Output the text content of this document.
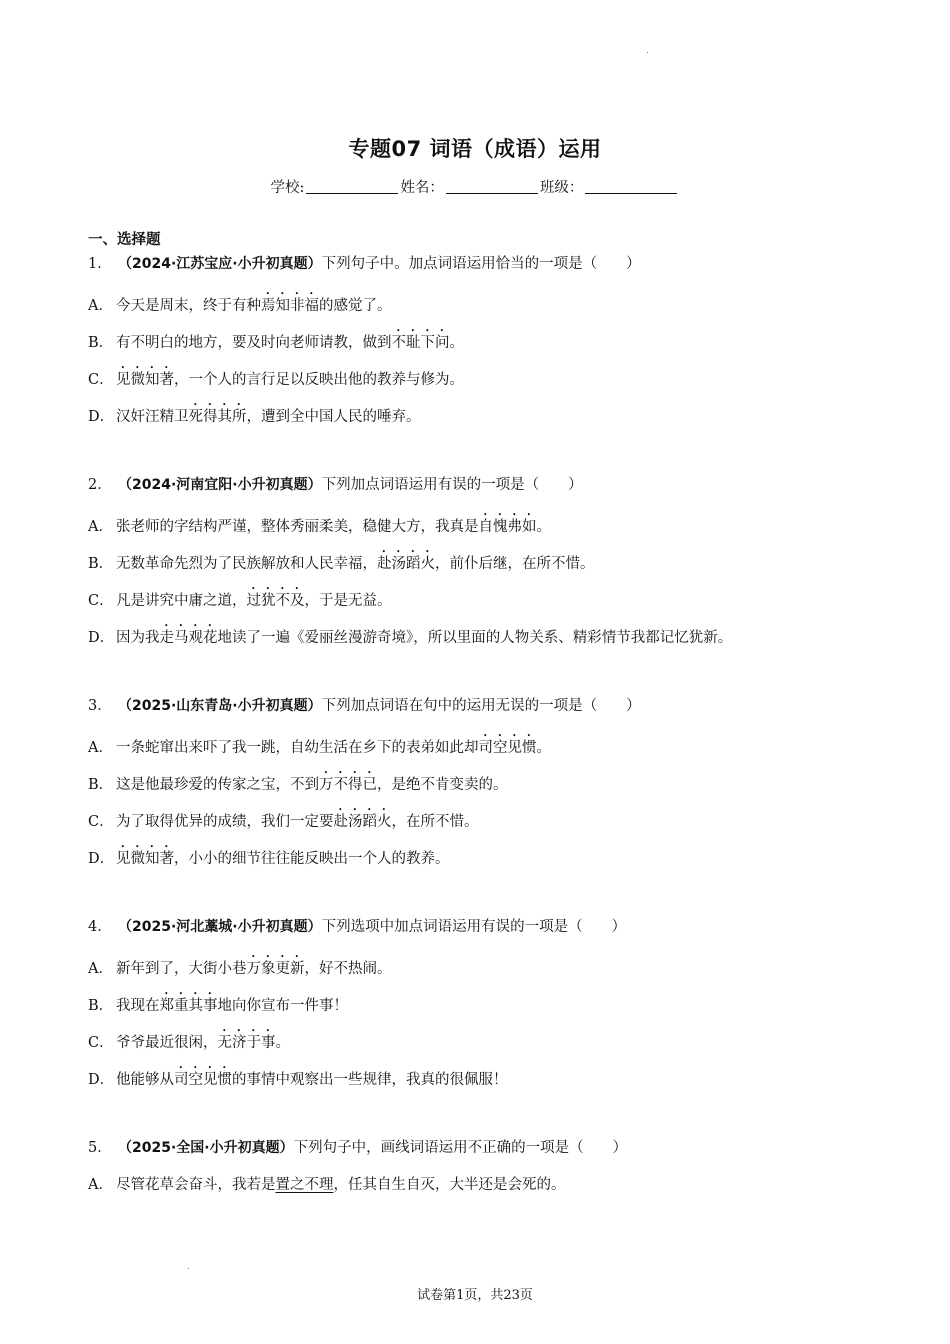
专题07 词语（成语）运用
学校:	姓名：	班级：
一、选择题
1． （2024·江苏宝应·小升初真题）下列句子中。加点词语运用恰当的一项是（　　）
A． 今天是周末，终于有种焉知非福的感觉了。
B． 有不明白的地方，要及时向老师请教，做到不耻下问。
C． 见微知著，一个人的言行足以反映出他的教养与修为。
D． 汉奸汪精卫死得其所，遭到全中国人民的唾弃。
2． （2024·河南宜阳·小升初真题）下列加点词语运用有误的一项是（　　）
A． 张老师的字结构严谨，整体秀丽柔美，稳健大方，我真是自愧弗如。
B． 无数革命先烈为了民族解放和人民幸福，赴汤蹈火，前仆后继，在所不惜。
C． 凡是讲究中庸之道，过犹不及，于是无益。
D． 因为我走马观花地读了一遍《爱丽丝漫游奇境》，所以里面的人物关系、精彩情节我都记忆犹新。
3． （2025·山东青岛·小升初真题）下列加点词语在句中的运用无误的一项是（　　）
A． 一条蛇窜出来吓了我一跳，自幼生活在乡下的表弟如此却司空见惯。
B． 这是他最珍爱的传家之宝，不到万不得已，是绝不肯变卖的。
C． 为了取得优异的成绩，我们一定要赴汤蹈火，在所不惜。
D． 见微知著，小小的细节往往能反映出一个人的教养。
4． （2025·河北藁城·小升初真题）下列选项中加点词语运用有误的一项是（　　）
A． 新年到了，大街小巷万象更新，好不热闹。
B． 我现在郑重其事地向你宣布一件事！
C． 爷爷最近很闲，无济于事。
D． 他能够从司空见惯的事情中观察出一些规律，我真的很佩服！
5． （2025·全国·小升初真题）下列句子中，画线词语运用不正确的一项是（　　）
A． 尽管花草会奋斗，我若是置之不理，任其自生自灭，大半还是会死的。
试卷第1页，共23页
